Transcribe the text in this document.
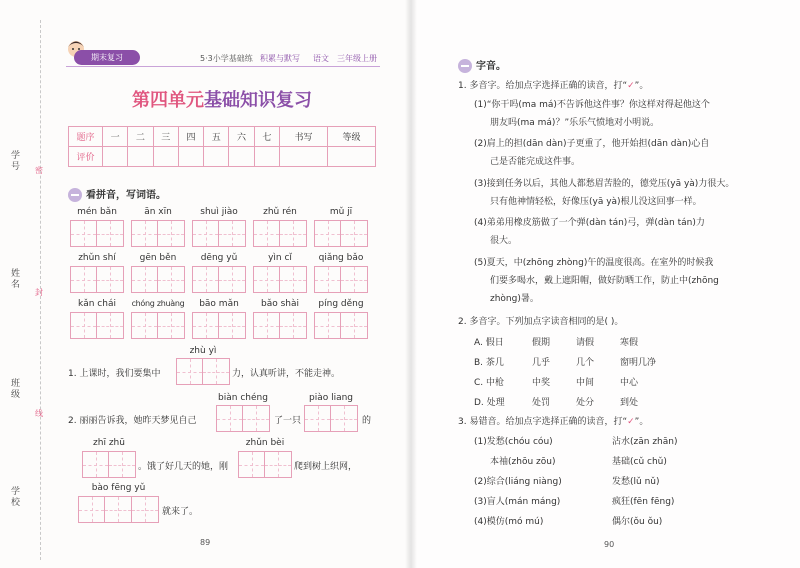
学号
姓名
班级
学校
密
封
线
期末复习	5·3小学基础练 积累与默写 语文 三年级上册
第四单元基础知识复习
题序	一	二	三	四	五	六	七	书写	等级
评价									
看拼音，写词语。
mén bǎn	ān xīn	shuì jiào	zhǔ rén	mǔ jī
zhǔn shí	gēn běn	dēng yǔ	yìn cǐ	qiǎng bǎo
kǎn chái	chóng zhuàng	bāo mǎn	bǎo shài	píng děng
1. 上课时，我们要集中
zhù yì
力，认真听讲，不能走神。
2. 丽丽告诉我，她昨天梦见自己
biàn chéng
了一只
piào liang
的
zhī zhū
。饿了好几天的她，刚
zhǔn bèi
爬到树上织网，
bào fēng yǔ
就来了。
89
字音。
1. 多音字。给加点字选择正确的读音，打“✓”。
(1)“你干吗(ma má)不告诉他这件事？你这样对得起他这个
朋友吗(ma má)？”乐乐气愤地对小明说。
(2)肩上的担(dān dàn)子更重了，他开始担(dān dàn)心自
己是否能完成这件事。
(3)接到任务以后，其他人都愁眉苦脸的，德党压(yā yà)力很大。
只有他神情轻松，好像压(yā yà)根儿没这回事一样。
(4)弟弟用橡皮筋做了一个弹(dàn tán)弓，弹(dàn tán)力
很大。
(5)夏天，中(zhōng zhòng)午的温度很高。在室外的时候我
们要多喝水，戴上遮阳帽，做好防晒工作，防止中(zhōng
zhòng)暑。
2. 多音字。下列加点字读音相同的是( )。
A. 假日	假期	请假	寒假
B. 茶几	几乎	几个	窗明几净
C. 中枪	中奖	中间	中心
D. 处理	处罚	处分	到处
3. 易错音。给加点字选择正确的读音，打“✓”。
(1)发愁(chóu cóu)	沾水(zān zhān)
本袖(zhōu zōu)	基础(cǔ chǔ)
(2)综合(liáng niàng)	发愁(lǔ nǔ)
(3)盲人(mán máng)	疯狂(fēn fēng)
(4)模仿(mó mú)	偶尔(ǒu ǒu)
90
